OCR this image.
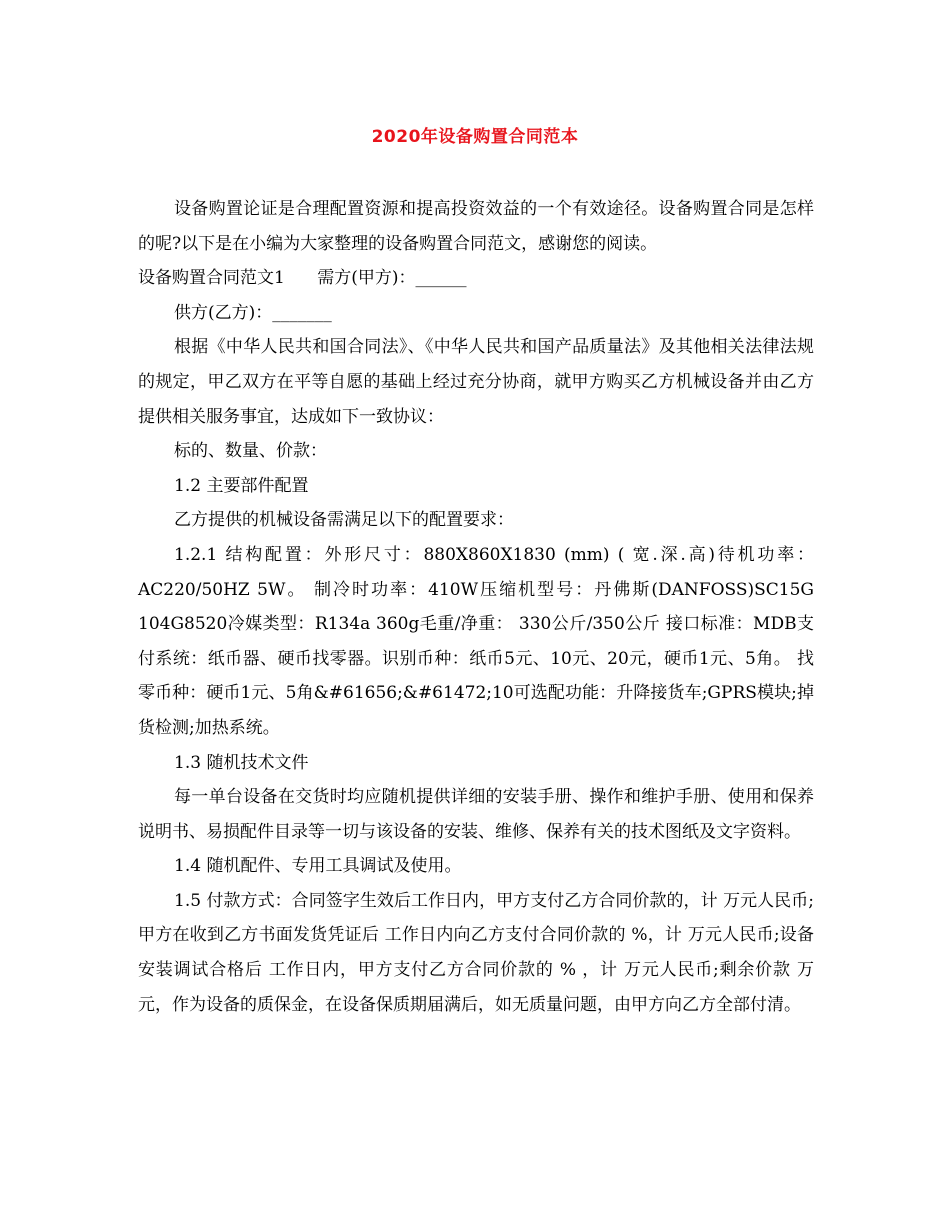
2020年设备购置合同范本

设备购置论证是合理配置资源和提高投资效益的一个有效途径。设备购置合同是怎样的呢?以下是在小编为大家整理的设备购置合同范文，感谢您的阅读。

设备购置合同范文1      需方(甲方)：______

供方(乙方)：_______

根据《中华人民共和国合同法》、《中华人民共和国产品质量法》及其他相关法律法规的规定，甲乙双方在平等自愿的基础上经过充分协商，就甲方购买乙方机械设备并由乙方提供相关服务事宜，达成如下一致协议：

标的、数量、价款：

1.2 主要部件配置

乙方提供的机械设备需满足以下的配置要求：

1.2.1 结构配置：外形尺寸：880X860X1830 (mm) ( 宽.深.高)待机功率：AC220/50HZ 5W。 制冷时功率：410W压缩机型号：丹佛斯(DANFOSS)SC15G 104G8520冷媒类型：R134a 360g毛重/净重： 330公斤/350公斤 接口标准：MDB支付系统：纸币器、硬币找零器。识别币种：纸币5元、10元、20元，硬币1元、5角。 找零币种：硬币1元、5角&#61656;&#61472;10可选配功能：升降接货车;GPRS模块;掉货检测;加热系统。

1.3 随机技术文件

每一单台设备在交货时均应随机提供详细的安装手册、操作和维护手册、使用和保养说明书、易损配件目录等一切与该设备的安装、维修、保养有关的技术图纸及文字资料。

1.4 随机配件、专用工具调试及使用。

1.5 付款方式：合同签字生效后工作日内，甲方支付乙方合同价款的，计 万元人民币;甲方在收到乙方书面发货凭证后 工作日内向乙方支付合同价款的 %，计 万元人民币;设备安装调试合格后 工作日内，甲方支付乙方合同价款的 % ，计 万元人民币;剩余价款 万元，作为设备的质保金，在设备保质期届满后，如无质量问题，由甲方向乙方全部付清。
